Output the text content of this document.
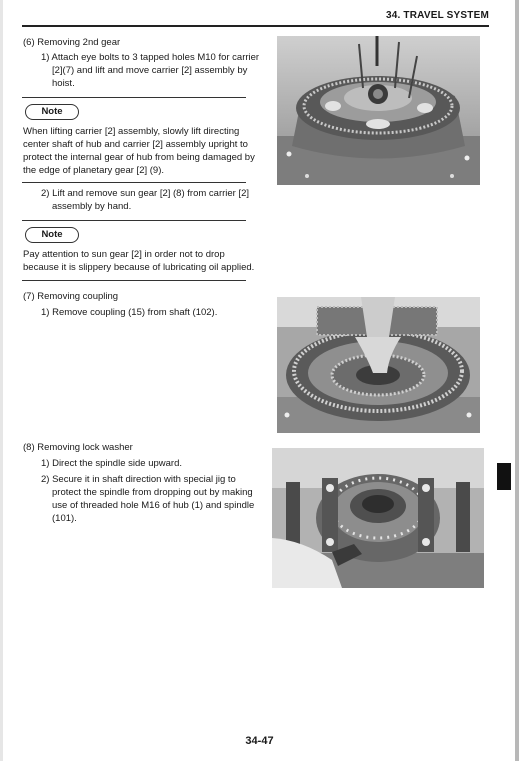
34. TRAVEL SYSTEM
(6) Removing 2nd gear
1) Attach eye bolts to 3 tapped holes M10 for carrier
[2](7) and lift and move carrier [2] assembly by
hoist.
Note
When lifting carrier [2] assembly, slowly lift directing
center shaft of hub and carrier [2] assembly upright to
protect the internal gear of hub from being damaged by
the edge of planetary gear [2] (9).
2) Lift and remove sun gear [2] (8) from carrier [2]
assembly by hand.
Note
Pay attention to sun gear [2] in order not to drop
because it is slippery because of lubricating oil applied.
(7) Removing coupling
1) Remove coupling (15) from shaft (102).
(8) Removing lock washer
1) Direct the spindle side upward.
2) Secure it in shaft direction with special jig to
protect the spindle from dropping out by making
use of threaded hole M16 of hub (1) and spindle
(101).
34-47
